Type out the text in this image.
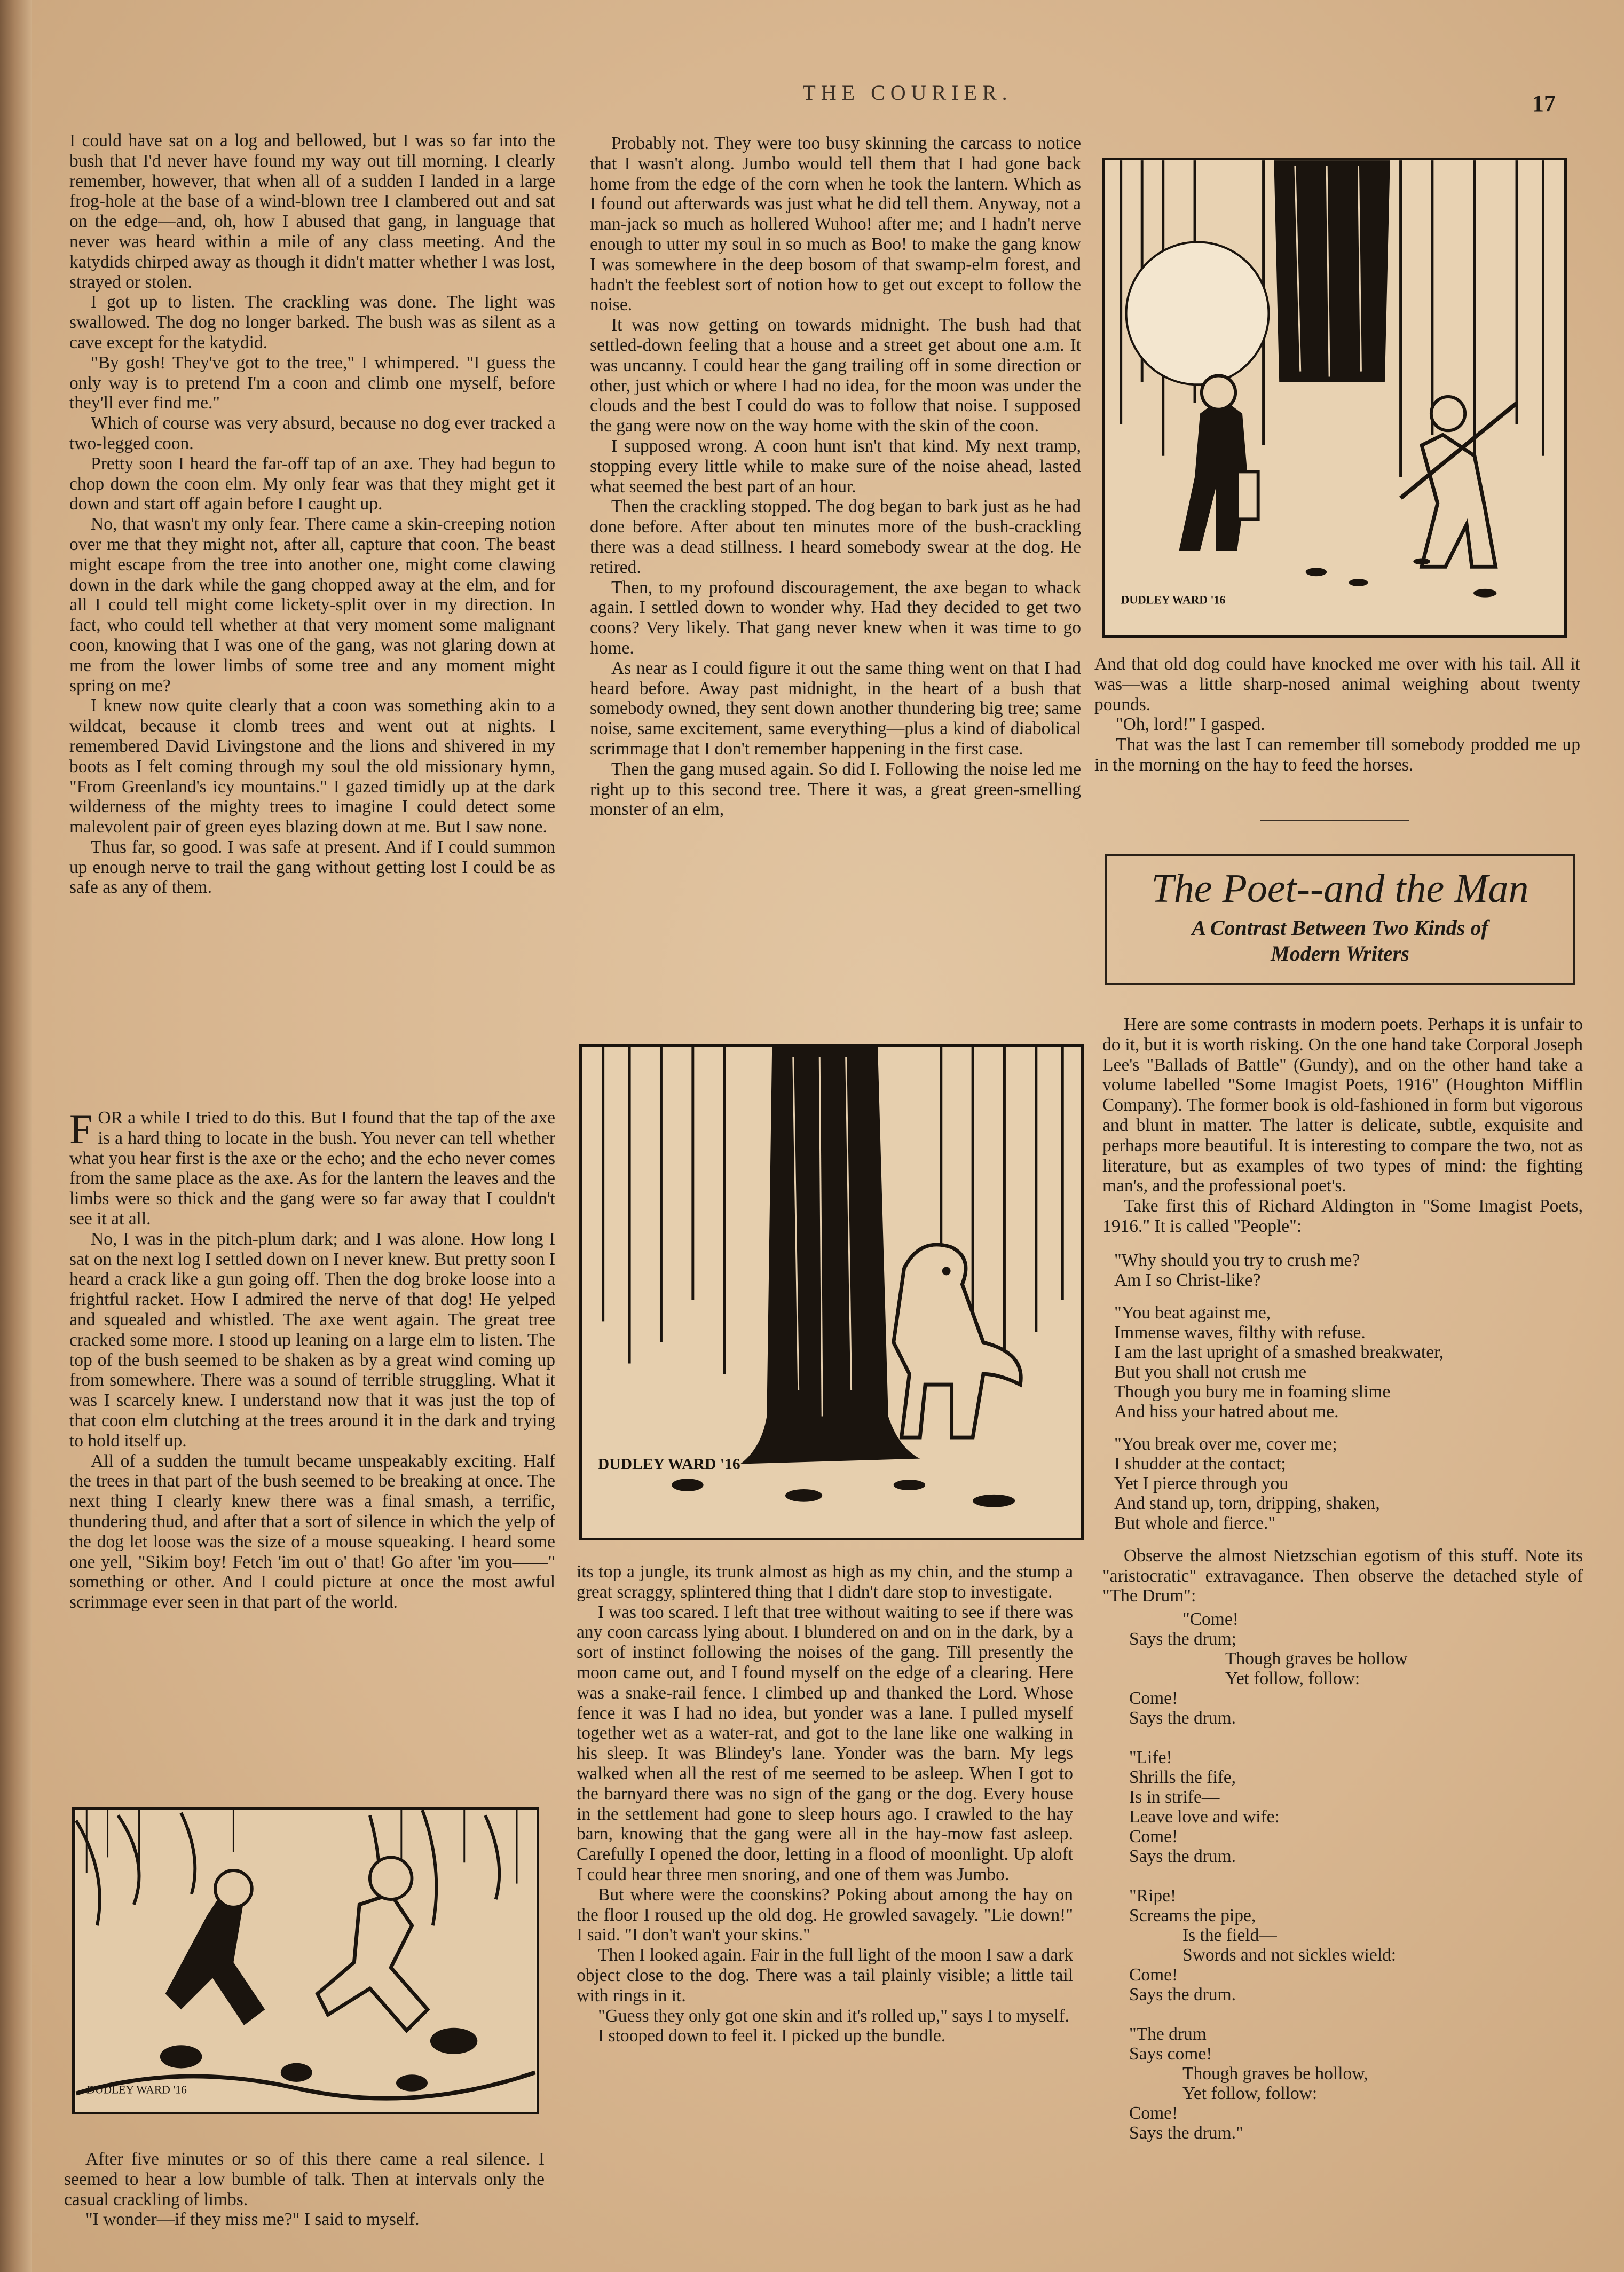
THE COURIER.	17

I could have sat on a log and bellowed, but I was so far into the bush that I'd never have found my way out till morning. I clearly remember, however, that when all of a sudden I landed in a large frog-hole at the base of a wind-blown tree I clambered out and sat on the edge—and, oh, how I abused that gang, in language that never was heard within a mile of any class meeting. And the katydids chirped away as though it didn't matter whether I was lost, strayed or stolen.

I got up to listen. The crackling was done. The light was swallowed. The dog no longer barked. The bush was as silent as a cave except for the katydid.

"By gosh! They've got to the tree," I whimpered. "I guess the only way is to pretend I'm a coon and climb one myself, before they'll ever find me."

Which of course was very absurd, because no dog ever tracked a two-legged coon.

Pretty soon I heard the far-off tap of an axe. They had begun to chop down the coon elm. My only fear was that they might get it down and start off again before I caught up.

No, that wasn't my only fear. There came a skin-creeping notion over me that they might not, after all, capture that coon. The beast might escape from the tree into another one, might come clawing down in the dark while the gang chopped away at the elm, and for all I could tell might come lickety-split over in my direction. In fact, who could tell whether at that very moment some malignant coon, knowing that I was one of the gang, was not glaring down at me from the lower limbs of some tree and any moment might spring on me?

I knew now quite clearly that a coon was something akin to a wildcat, because it clomb trees and went out at nights. I remembered David Livingstone and the lions and shivered in my boots as I felt coming through my soul the old missionary hymn, "From Greenland's icy mountains." I gazed timidly up at the dark wilderness of the mighty trees to imagine I could detect some malevolent pair of green eyes blazing down at me. But I saw none.

Thus far, so good. I was safe at present. And if I could summon up enough nerve to trail the gang without getting lost I could be as safe as any of them.

FOR a while I tried to do this. But I found that the tap of the axe is a hard thing to locate in the bush. You never can tell whether what you hear first is the axe or the echo; and the echo never comes from the same place as the axe. As for the lantern the leaves and the limbs were so thick and the gang were so far away that I couldn't see it at all.

No, I was in the pitch-plum dark; and I was alone. How long I sat on the next log I settled down on I never knew. But pretty soon I heard a crack like a gun going off. Then the dog broke loose into a frightful racket. How I admired the nerve of that dog! He yelped and squealed and whistled. The axe went again. The great tree cracked some more. I stood up leaning on a large elm to listen. The top of the bush seemed to be shaken as by a great wind coming up from somewhere. There was a sound of terrible struggling. What it was I scarcely knew. I understand now that it was just the top of that coon elm clutching at the trees around it in the dark and trying to hold itself up.

All of a sudden the tumult became unspeakably exciting. Half the trees in that part of the bush seemed to be breaking at once. The next thing I clearly knew there was a final smash, a terrific, thundering thud, and after that a sort of silence in which the yelp of the dog let loose was the size of a mouse squeaking. I heard some one yell, "Sikim boy! Fetch 'im out o' that! Go after 'im you——" something or other. And I could picture at once the most awful scrimmage ever seen in that part of the world.

DUDLEY WARD '16

After five minutes or so of this there came a real silence. I seemed to hear a low bumble of talk. Then at intervals only the casual crackling of limbs.

"I wonder—if they miss me?" I said to myself.

Probably not. They were too busy skinning the carcass to notice that I wasn't along. Jumbo would tell them that I had gone back home from the edge of the corn when he took the lantern. Which as I found out afterwards was just what he did tell them. Anyway, not a man-jack so much as hollered Wuhoo! after me; and I hadn't nerve enough to utter my soul in so much as Boo! to make the gang know I was somewhere in the deep bosom of that swamp-elm forest, and hadn't the feeblest sort of notion how to get out except to follow the noise.

It was now getting on towards midnight. The bush had that settled-down feeling that a house and a street get about one a.m. It was uncanny. I could hear the gang trailing off in some direction or other, just which or where I had no idea, for the moon was under the clouds and the best I could do was to follow that noise. I supposed the gang were now on the way home with the skin of the coon.

I supposed wrong. A coon hunt isn't that kind. My next tramp, stopping every little while to make sure of the noise ahead, lasted what seemed the best part of an hour.

Then the crackling stopped. The dog began to bark just as he had done before. After about ten minutes more of the bush-crackling there was a dead stillness. I heard somebody swear at the dog. He retired.

Then, to my profound discouragement, the axe began to whack again. I settled down to wonder why. Had they decided to get two coons? Very likely. That gang never knew when it was time to go home.

As near as I could figure it out the same thing went on that I had heard before. Away past midnight, in the heart of a bush that somebody owned, they sent down another thundering big tree; same noise, same excitement, same everything—plus a kind of diabolical scrimmage that I don't remember happening in the first case.

Then the gang mused again. So did I. Following the noise led me right up to this second tree. There it was, a great green-smelling monster of an elm,

DUDLEY WARD '16

its top a jungle, its trunk almost as high as my chin, and the stump a great scraggy, splintered thing that I didn't dare stop to investigate.

I was too scared. I left that tree without waiting to see if there was any coon carcass lying about. I blundered on and on in the dark, by a sort of instinct following the noises of the gang. Till presently the moon came out, and I found myself on the edge of a clearing. Here was a snake-rail fence. I climbed up and thanked the Lord. Whose fence it was I had no idea, but yonder was a lane. I pulled myself together wet as a water-rat, and got to the lane like one walking in his sleep. It was Blindey's lane. Yonder was the barn. My legs walked when all the rest of me seemed to be asleep. When I got to the barnyard there was no sign of the gang or the dog. Every house in the settlement had gone to sleep hours ago. I crawled to the hay barn, knowing that the gang were all in the hay-mow fast asleep. Carefully I opened the door, letting in a flood of moonlight. Up aloft I could hear three men snoring, and one of them was Jumbo.

But where were the coonskins? Poking about among the hay on the floor I roused up the old dog. He growled savagely. "Lie down!" I said. "I don't wan't your skins."

Then I looked again. Fair in the full light of the moon I saw a dark object close to the dog. There was a tail plainly visible; a little tail with rings in it.

"Guess they only got one skin and it's rolled up," says I to myself.

I stooped down to feel it. I picked up the bundle.

DUDLEY WARD '16

And that old dog could have knocked me over with his tail. All it was—was a little sharp-nosed animal weighing about twenty pounds.

"Oh, lord!" I gasped.

That was the last I can remember till somebody prodded me up in the morning on the hay to feed the horses.

The Poet--and the Man
A Contrast Between Two Kinds of
Modern Writers

Here are some contrasts in modern poets. Perhaps it is unfair to do it, but it is worth risking. On the one hand take Corporal Joseph Lee's "Ballads of Battle" (Gundy), and on the other hand take a volume labelled "Some Imagist Poets, 1916" (Houghton Mifflin Company). The former book is old-fashioned in form but vigorous and blunt in matter. The latter is delicate, subtle, exquisite and perhaps more beautiful. It is interesting to compare the two, not as literature, but as examples of two types of mind: the fighting man's, and the professional poet's.

Take first this of Richard Aldington in "Some Imagist Poets, 1916." It is called "People":

"Why should you try to crush me?
Am I so Christ-like?
"You beat against me,
Immense waves, filthy with refuse.
I am the last upright of a smashed breakwater,
But you shall not crush me
Though you bury me in foaming slime
And hiss your hatred about me.
"You break over me, cover me;
I shudder at the contact;
Yet I pierce through you
And stand up, torn, dripping, shaken,
But whole and fierce."

Observe the almost Nietzschian egotism of this stuff. Note its "aristocratic" extravagance. Then observe the detached style of "The Drum":

"Come!
Says the drum;
Though graves be hollow
Yet follow, follow:
Come!
Says the drum.
"Life!
Shrills the fife,
Is in strife—
Leave love and wife:
Come!
Says the drum.
"Ripe!
Screams the pipe,
Is the field—
Swords and not sickles wield:
Come!
Says the drum.
"The drum
Says come!
Though graves be hollow,
Yet follow, follow:
Come!
Says the drum."
